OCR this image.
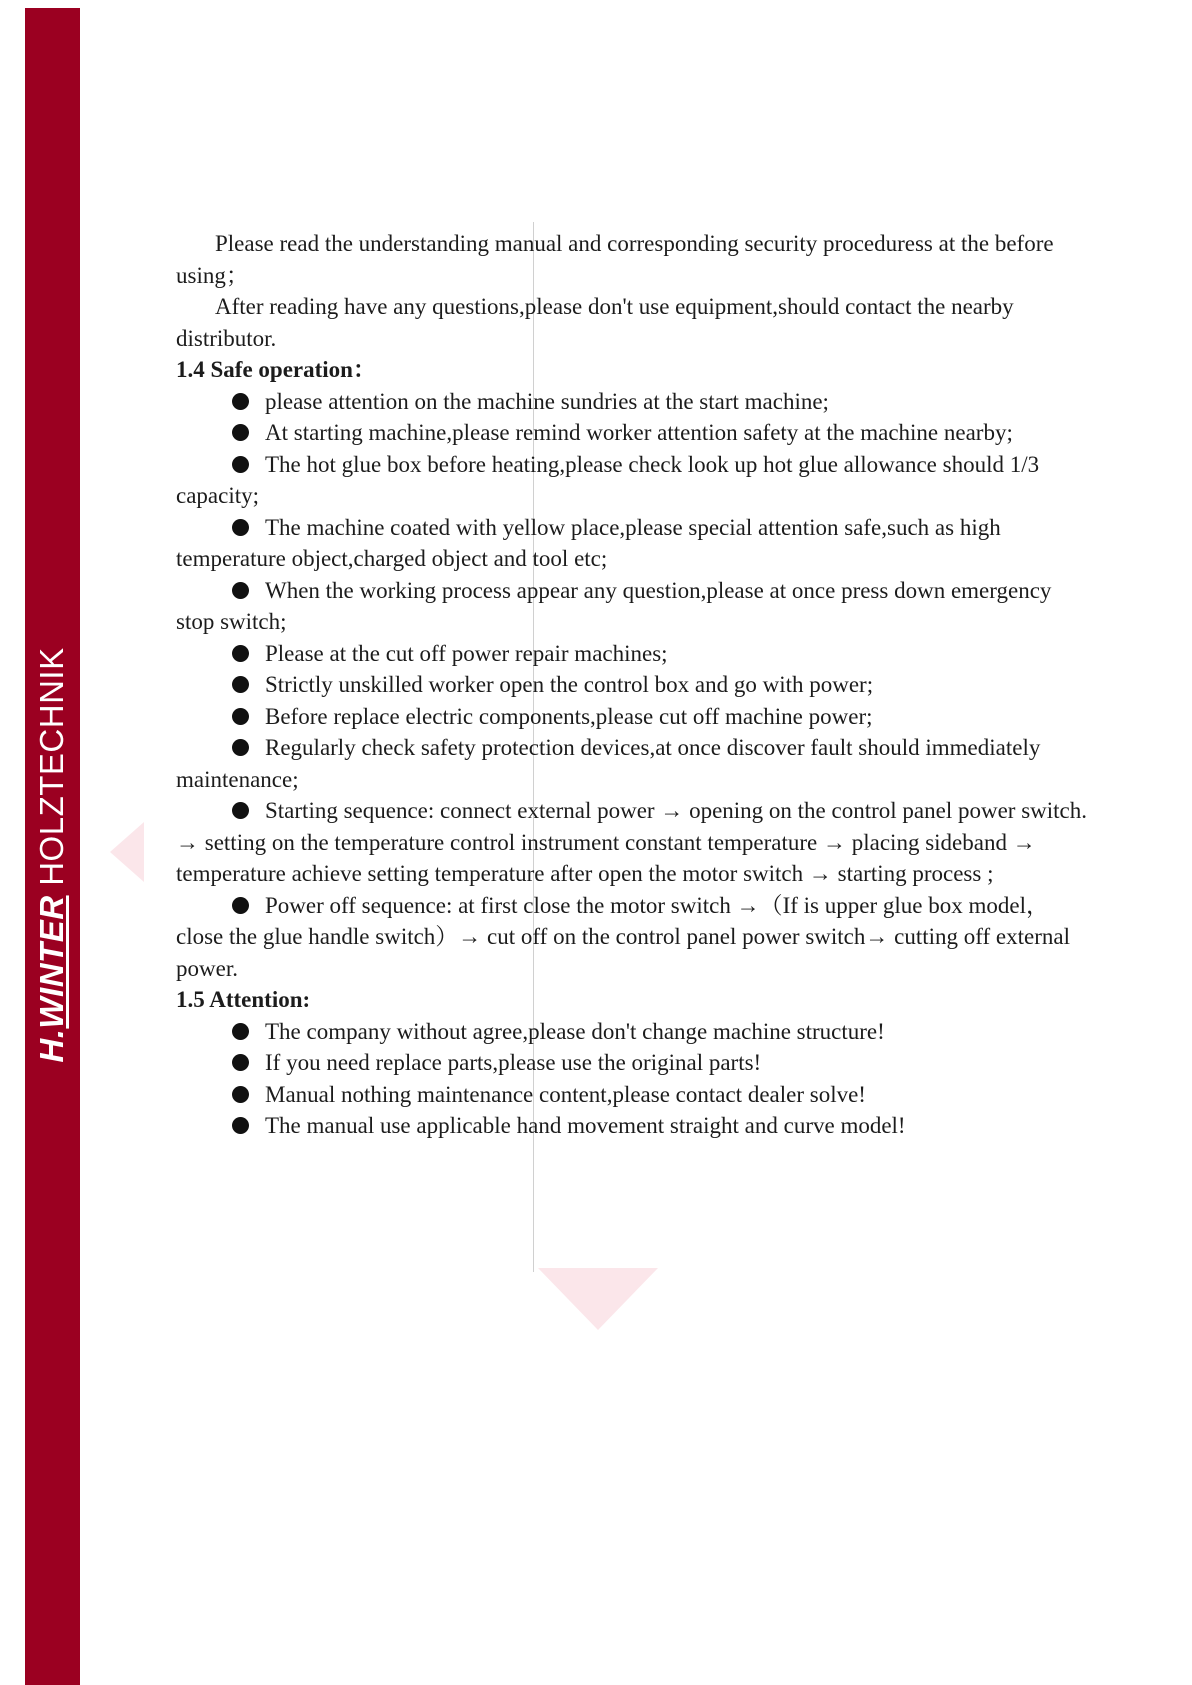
H.WINTER HOLZTECHNIK

Please read the understanding manual and corresponding security proceduress at the before using；

After reading have any questions,please don't use equipment,should contact the nearby distributor.

1.4 Safe operation：

please attention on the machine sundries at the start machine;

At starting machine,please remind worker attention safety at the machine nearby;

The hot glue box before heating,please check look up hot glue allowance should 1/3 capacity;

The machine coated with yellow place,please special attention safe,such as high temperature object,charged object and tool etc;

When the working process appear any question,please at once press down emergency stop switch;

Please at the cut off power repair machines;

Strictly unskilled worker open the control box and go with power;

Before replace electric components,please cut off machine power;

Regularly check safety protection devices,at once discover fault should immediately maintenance;

Starting sequence: connect external power → opening on the control panel power switch. → setting on the temperature control instrument constant temperature → placing sideband → temperature achieve setting temperature after open the motor switch → starting process ;

Power off sequence: at first close the motor switch →（If is upper glue box model，close the glue handle switch）→ cut off on the control panel power switch→ cutting off external power.

1.5 Attention:

The company without agree,please don't change machine structure!

If you need replace parts,please use the original parts!

Manual nothing maintenance content,please contact dealer solve!

The manual use applicable hand movement straight and curve model!
